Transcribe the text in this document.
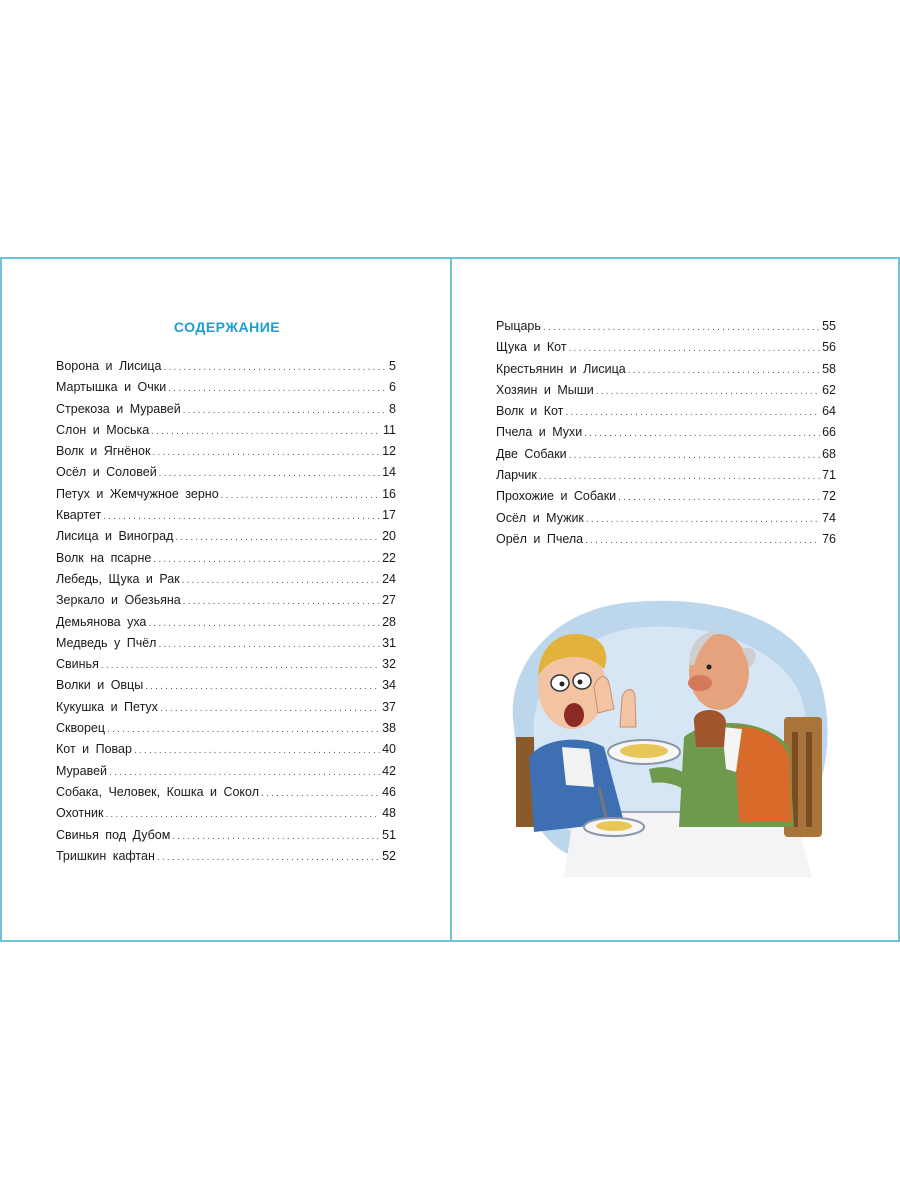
СОДЕРЖАНИЕ
Ворона и Лисица .....	5
Мартышка и Очки .....	6
Стрекоза и Муравей .....	8
Слон и Моська .....	11
Волк и Ягнёнок .....	12
Осёл и Соловей .....	14
Петух и Жемчужное зерно .....	16
Квартет .....	17
Лисица и Виноград .....	20
Волк на псарне .....	22
Лебедь, Щука и Рак .....	24
Зеркало и Обезьяна .....	27
Демьянова уха .....	28
Медведь у Пчёл .....	31
Свинья .....	32
Волки и Овцы .....	34
Кукушка и Петух .....	37
Скворец .....	38
Кот и Повар .....	40
Муравей .....	42
Собака, Человек, Кошка и Сокол .....	46
Охотник .....	48
Свинья под Дубом .....	51
Тришкин кафтан .....	52
Рыцарь .....	55
Щука и Кот .....	56
Крестьянин и Лисица .....	58
Хозяин и Мыши .....	62
Волк и Кот .....	64
Пчела и Мухи .....	66
Две Собаки .....	68
Ларчик .....	71
Прохожие и Собаки .....	72
Осёл и Мужик .....	74
Орёл и Пчела .....	76
